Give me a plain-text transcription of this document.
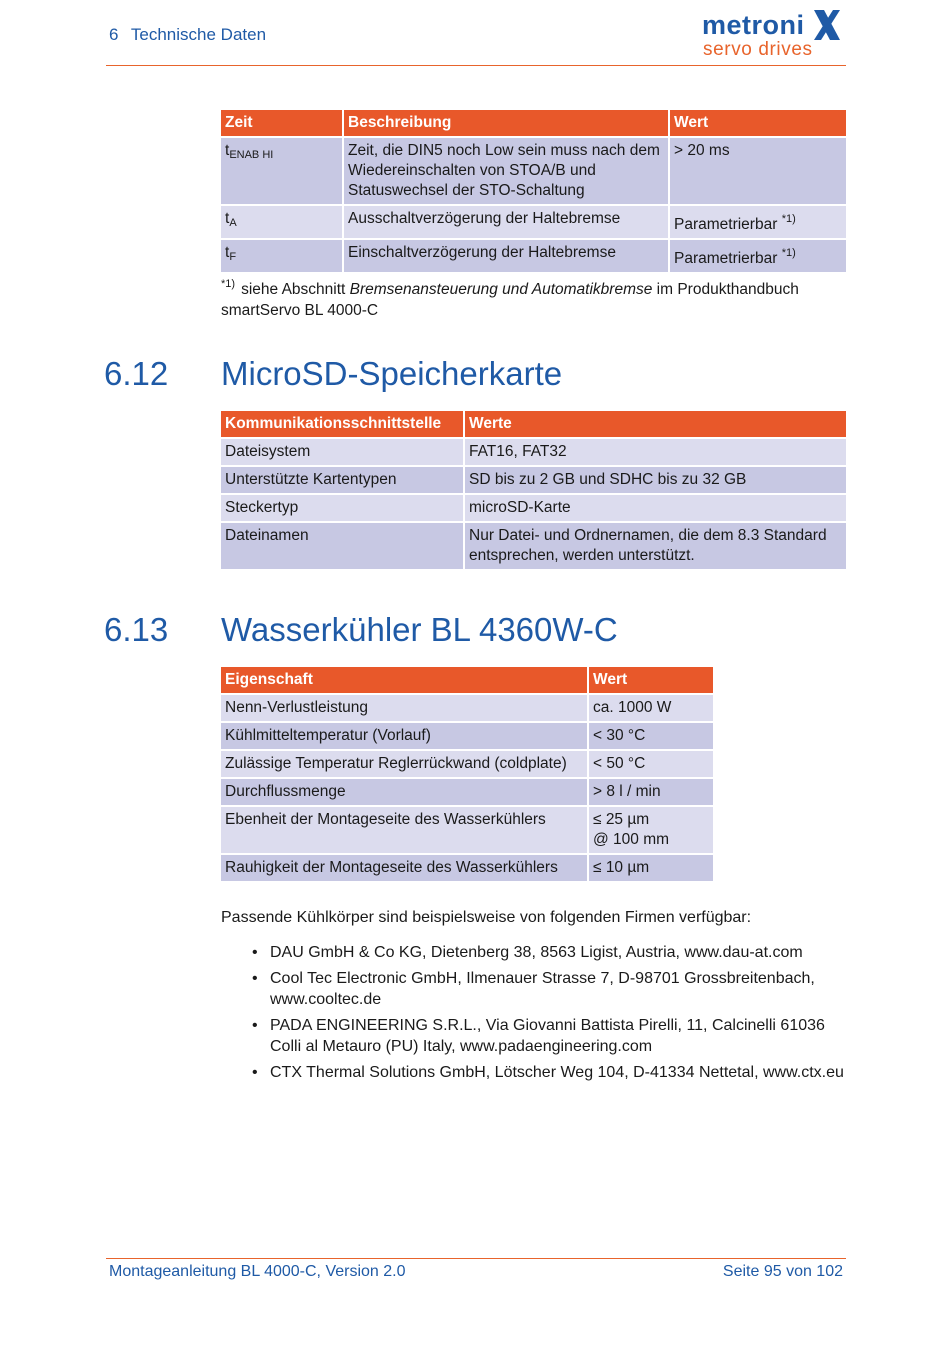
6 Technische Daten	metroni
servo drives
Zeit	Beschreibung	Wert
$t_{ENAB HI}$	Zeit, die DIN5 noch Low sein muss nach dem Wiedereinschalten von STOA/B und Statuswechsel der STO-Schaltung	> 20 ms
$t_A$	Ausschaltverzögerung der Haltebremse	Parametrierbar $^{*1)}$
$t_F$	Einschaltverzögerung der Haltebremse	Parametrierbar $^{*1)}$
$^{*1)}$ siehe Abschnitt Bremsenansteuerung und Automatikbremse im Produkthandbuch smartServo BL 4000-C
6.12 MicroSD-Speicherkarte
Kommunikationsschnittstelle	Werte
Dateisystem	FAT16, FAT32
Unterstützte Kartentypen	SD bis zu 2 GB und SDHC bis zu 32 GB
Steckertyp	microSD-Karte
Dateinamen	Nur Datei- und Ordnernamen, die dem 8.3 Standard entsprechen, werden unterstützt.
6.13 Wasserkühler BL 4360W-C
Eigenschaft	Wert
Nenn-Verlustleistung	ca. 1000 W
Kühlmitteltemperatur (Vorlauf)	< 30 °C
Zulässige Temperatur Reglerrückwand (coldplate)	< 50 °C
Durchflussmenge	> 8 l / min
Ebenheit der Montageseite des Wasserkühlers	≤ 25 µm
@ 100 mm
Rauhigkeit der Montageseite des Wasserkühlers	≤ 10 µm
Passende Kühlkörper sind beispielsweise von folgenden Firmen verfügbar:
• DAU GmbH & Co KG, Dietenberg 38, 8563 Ligist, Austria, www.dau-at.com
• Cool Tec Electronic GmbH, Ilmenauer Strasse 7, D-98701 Grossbreitenbach, www.cooltec.de
• PADA ENGINEERING S.R.L., Via Giovanni Battista Pirelli, 11, Calcinelli 61036 Colli al Metauro (PU) Italy, www.padaengineering.com
• CTX Thermal Solutions GmbH, Lötscher Weg 104, D-41334 Nettetal, www.ctx.eu
Montageanleitung BL 4000-C, Version 2.0	Seite 95 von 102
